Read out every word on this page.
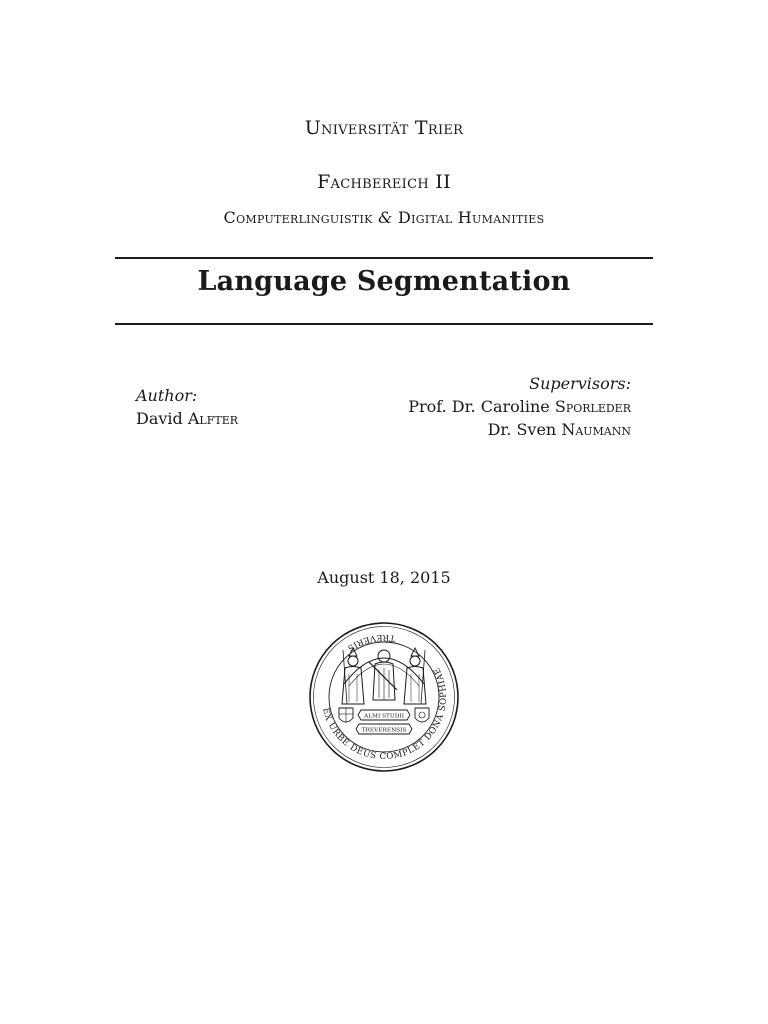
Universität Trier
Fachbereich II
Computerlinguistik & Digital Humanities
Language Segmentation
Author:
David Alfter
Supervisors:
Prof. Dr. Caroline Sporleder
Dr. Sven Naumann
August 18, 2015
EX URBE DEUS COMPLET DONA SOPHIAE
TREVERIS
ALMI STUDII
TREVERENSIS
